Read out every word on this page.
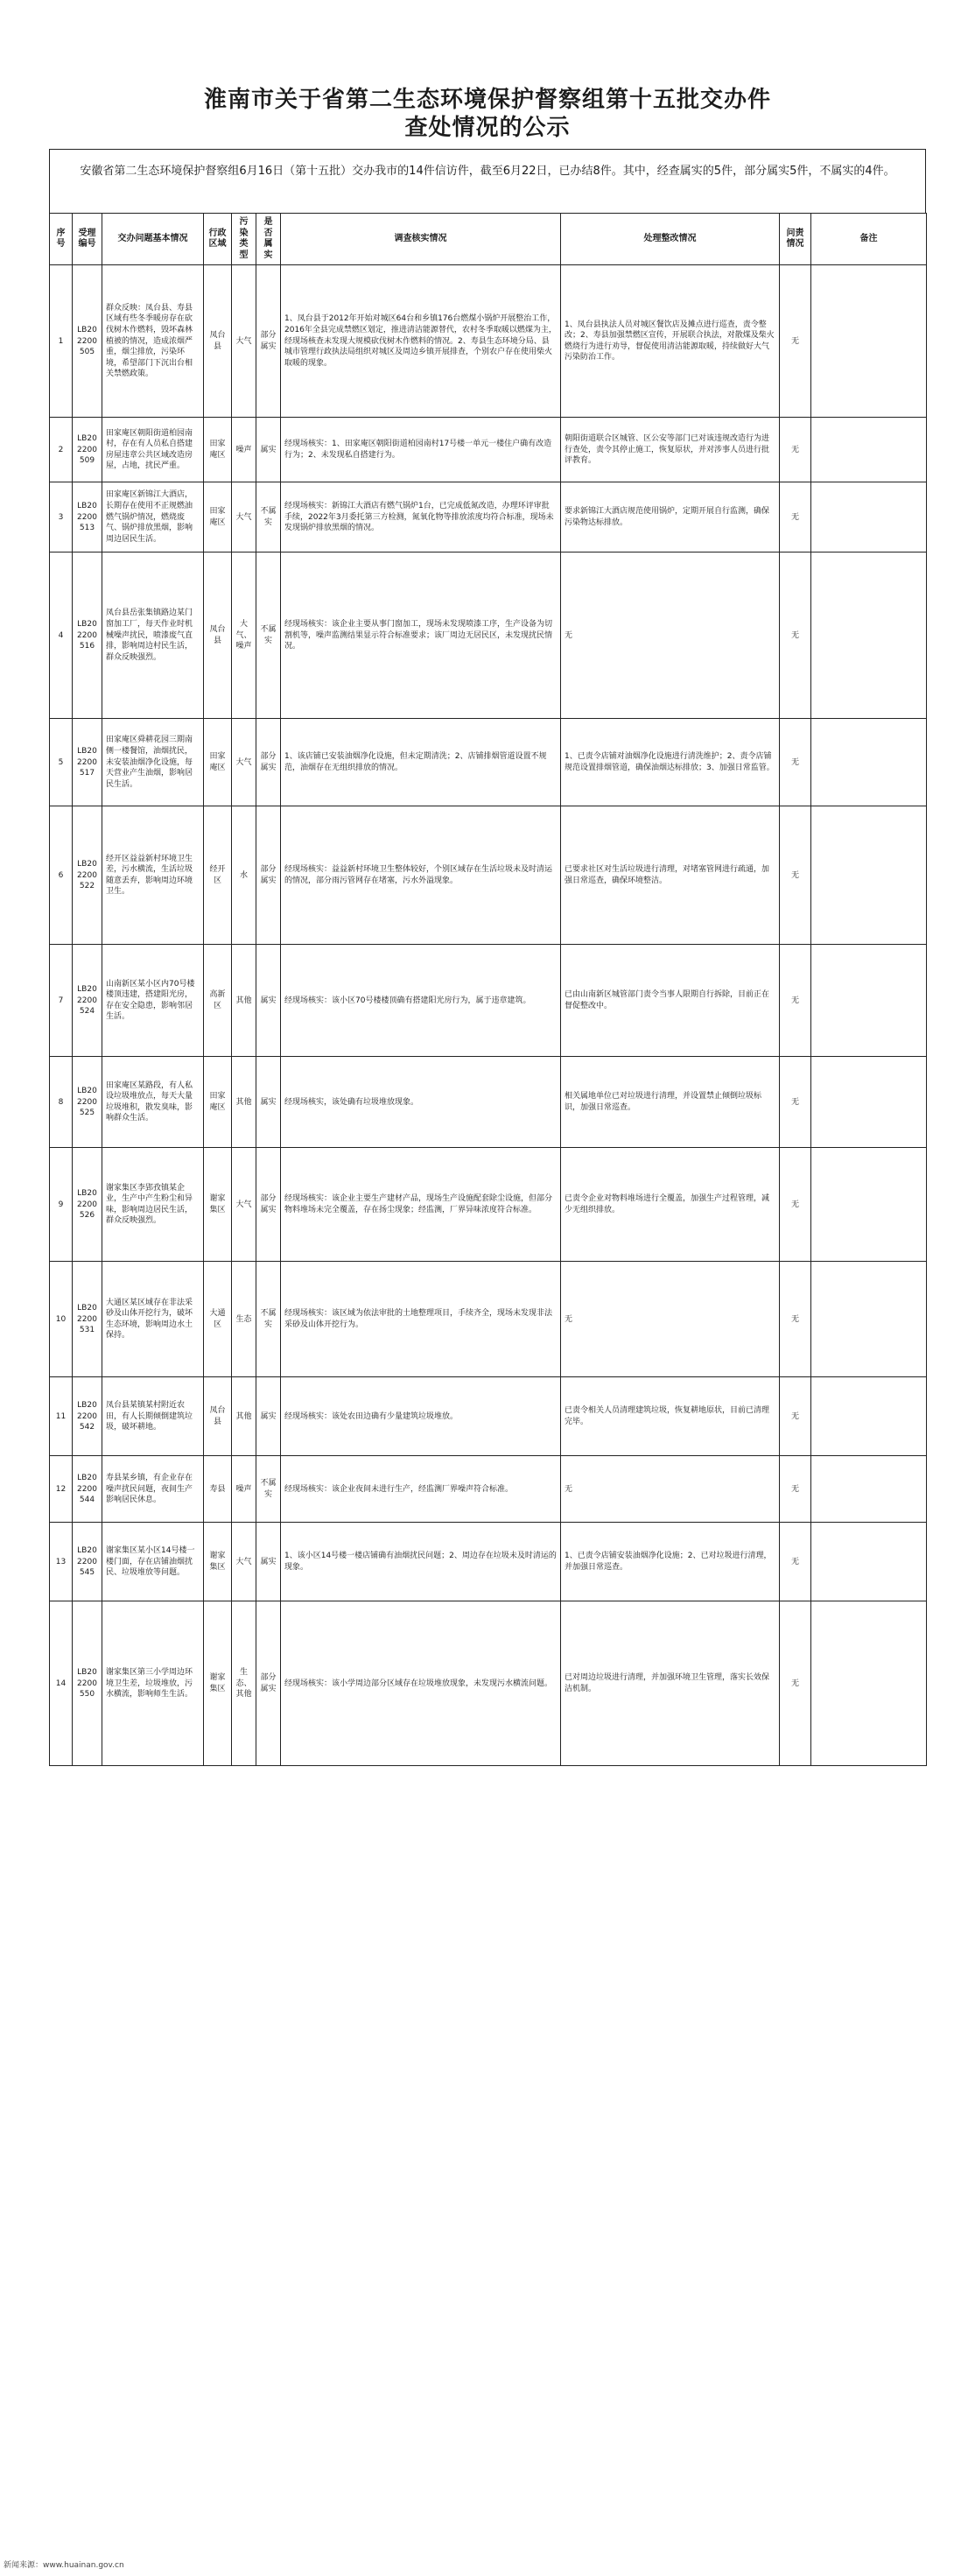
淮南市关于省第二生态环境保护督察组第十五批交办件
查处情况的公示
安徽省第二生态环境保护督察组6月16日（第十五批）交办我市的14件信访件，截至6月22日，已办结8件。其中，经查属实的5件，部分属实5件，不属实的4件。
序号	受理编号	交办问题基本情况	行政区域	污染类型	是否属实	调查核实情况	处理整改情况	问责情况	备注
1	LB202200505	群众反映：凤台县、寿县区域有些冬季暖房存在砍伐树木作燃料，毁坏森林植被的情况，造成浓烟严重，烟尘排放，污染环境，希望部门下沉出台相关禁燃政策。	凤台县	大气	部分属实	1、凤台县于2012年开始对城区64台和乡镇176台燃煤小锅炉开展整治工作，2016年全县完成禁燃区划定，推进清洁能源替代，农村冬季取暖以燃煤为主，经现场核查未发现大规模砍伐树木作燃料的情况。2、寿县生态环境分局、县城市管理行政执法局组织对城区及周边乡镇开展排查，个别农户存在使用柴火取暖的现象。	1、凤台县执法人员对城区餐饮店及摊点进行巡查，责令整改；2、寿县加强禁燃区宣传，开展联合执法，对散煤及柴火燃烧行为进行劝导，督促使用清洁能源取暖，持续做好大气污染防治工作。	无	
2	LB202200509	田家庵区朝阳街道柏园南村，存在有人员私自搭建房屋违章公共区域改造房屋，占地，扰民严重。	田家庵区	噪声	属实	经现场核实：1、田家庵区朝阳街道柏园南村17号楼一单元一楼住户确有改造行为；2、未发现私自搭建行为。	朝阳街道联合区城管、区公安等部门已对该违规改造行为进行查处，责令其停止施工，恢复原状，并对涉事人员进行批评教育。	无	
3	LB202200513	田家庵区新锦江大酒店，长期存在使用不正规燃油燃气锅炉情况，燃烧废气、锅炉排放黑烟，影响周边居民生活。	田家庵区	大气	不属实	经现场核实：新锦江大酒店有燃气锅炉1台，已完成低氮改造，办理环评审批手续，2022年3月委托第三方检测，氮氧化物等排放浓度均符合标准，现场未发现锅炉排放黑烟的情况。	要求新锦江大酒店规范使用锅炉，定期开展自行监测，确保污染物达标排放。	无	
4	LB202200516	凤台县岳张集镇路边某门窗加工厂，每天作业时机械噪声扰民，喷漆废气直排，影响周边村民生活，群众反映强烈。	凤台县	大气、噪声	不属实	经现场核实：该企业主要从事门窗加工，现场未发现喷漆工序，生产设备为切割机等，噪声监测结果显示符合标准要求；该厂周边无居民区，未发现扰民情况。	无	无	
5	LB202200517	田家庵区舜耕花园三期南侧一楼餐馆，油烟扰民，未安装油烟净化设施，每天营业产生油烟，影响居民生活。	田家庵区	大气	部分属实	1、该店铺已安装油烟净化设施，但未定期清洗；2、店铺排烟管道设置不规范，油烟存在无组织排放的情况。	1、已责令店铺对油烟净化设施进行清洗维护；2、责令店铺规范设置排烟管道，确保油烟达标排放；3、加强日常监管。	无	
6	LB202200522	经开区益益新村环境卫生差，污水横流，生活垃圾随意丢弃，影响周边环境卫生。	经开区	水	部分属实	经现场核实：益益新村环境卫生整体较好，个别区域存在生活垃圾未及时清运的情况，部分雨污管网存在堵塞，污水外溢现象。	已要求社区对生活垃圾进行清理，对堵塞管网进行疏通，加强日常巡查，确保环境整洁。	无	
7	LB202200524	山南新区某小区内70号楼楼顶违建，搭建阳光房，存在安全隐患，影响邻居生活。	高新区	其他	属实	经现场核实：该小区70号楼楼顶确有搭建阳光房行为，属于违章建筑。	已由山南新区城管部门责令当事人限期自行拆除，目前正在督促整改中。	无	
8	LB202200525	田家庵区某路段，有人私设垃圾堆放点，每天大量垃圾堆积，散发臭味，影响群众生活。	田家庵区	其他	属实	经现场核实，该处确有垃圾堆放现象。	相关属地单位已对垃圾进行清理，并设置禁止倾倒垃圾标识，加强日常巡查。	无	
9	LB202200526	谢家集区李郢孜镇某企业，生产中产生粉尘和异味，影响周边居民生活，群众反映强烈。	谢家集区	大气	部分属实	经现场核实：该企业主要生产建材产品，现场生产设施配套除尘设施，但部分物料堆场未完全覆盖，存在扬尘现象；经监测，厂界异味浓度符合标准。	已责令企业对物料堆场进行全覆盖，加强生产过程管理，减少无组织排放。	无	
10	LB202200531	大通区某区域存在非法采砂及山体开挖行为，破坏生态环境，影响周边水土保持。	大通区	生态	不属实	经现场核实：该区域为依法审批的土地整理项目，手续齐全，现场未发现非法采砂及山体开挖行为。	无	无	
11	LB202200542	凤台县某镇某村附近农田，有人长期倾倒建筑垃圾，破坏耕地。	凤台县	其他	属实	经现场核实：该处农田边确有少量建筑垃圾堆放。	已责令相关人员清理建筑垃圾，恢复耕地原状，目前已清理完毕。	无	
12	LB202200544	寿县某乡镇，有企业存在噪声扰民问题，夜间生产影响居民休息。	寿县	噪声	不属实	经现场核实：该企业夜间未进行生产，经监测厂界噪声符合标准。	无	无	
13	LB202200545	谢家集区某小区14号楼一楼门面，存在店铺油烟扰民、垃圾堆放等问题。	谢家集区	大气	属实	1、该小区14号楼一楼店铺确有油烟扰民问题；2、周边存在垃圾未及时清运的现象。	1、已责令店铺安装油烟净化设施；2、已对垃圾进行清理，并加强日常巡查。	无	
14	LB202200550	谢家集区第三小学周边环境卫生差，垃圾堆放，污水横流，影响师生生活。	谢家集区	生态、其他	部分属实	经现场核实：该小学周边部分区域存在垃圾堆放现象，未发现污水横流问题。	已对周边垃圾进行清理，并加强环境卫生管理，落实长效保洁机制。	无	
新闻来源：www.huainan.gov.cn
